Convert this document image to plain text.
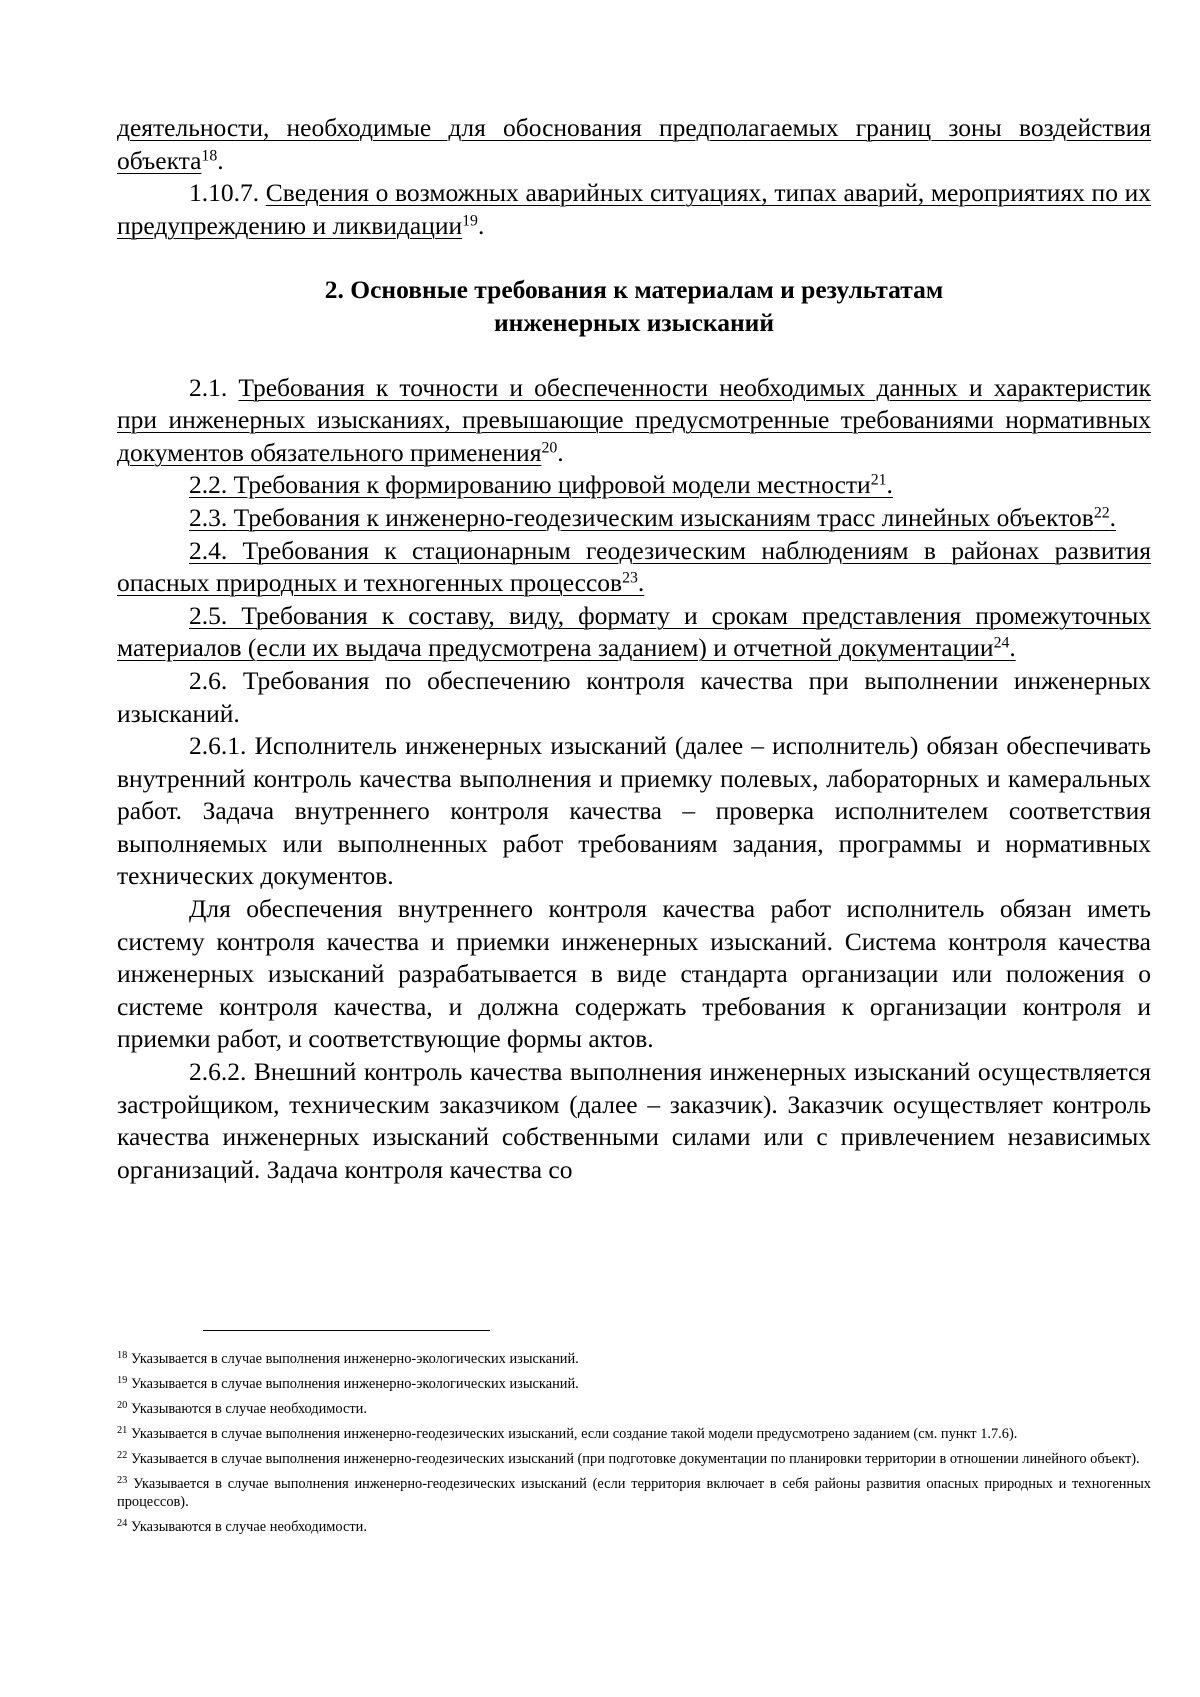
деятельности, необходимые для обоснования предполагаемых границ зоны воздействия объекта$^{18}$.

1.10.7. Сведения о возможных аварийных ситуациях, типах аварий, мероприятиях по их предупреждению и ликвидации$^{19}$.

2. Основные требования к материалам и результатам
инженерных изысканий

2.1. Требования к точности и обеспеченности необходимых данных и характеристик при инженерных изысканиях, превышающие предусмотренные требованиями нормативных документов обязательного применения$^{20}$.

2.2. Требования к формированию цифровой модели местности$^{21}$.

2.3. Требования к инженерно-геодезическим изысканиям трасс линейных объектов$^{22}$.

2.4. Требования к стационарным геодезическим наблюдениям в районах развития опасных природных и техногенных процессов$^{23}$.

2.5. Требования к составу, виду, формату и срокам представления промежуточных материалов (если их выдача предусмотрена заданием) и отчетной документации$^{24}$.

2.6. Требования по обеспечению контроля качества при выполнении инженерных изысканий.

2.6.1. Исполнитель инженерных изысканий (далее – исполнитель) обязан обеспечивать внутренний контроль качества выполнения и приемку полевых, лабораторных и камеральных работ. Задача внутреннего контроля качества – проверка исполнителем соответствия выполняемых или выполненных работ требованиям задания, программы и нормативных технических документов.

Для обеспечения внутреннего контроля качества работ исполнитель обязан иметь систему контроля качества и приемки инженерных изысканий. Система контроля качества инженерных изысканий разрабатывается в виде стандарта организации или положения о системе контроля качества, и должна содержать требования к организации контроля и приемки работ, и соответствующие формы актов.

2.6.2. Внешний контроль качества выполнения инженерных изысканий осуществляется застройщиком, техническим заказчиком (далее – заказчик). Заказчик осуществляет контроль качества инженерных изысканий собственными силами или с привлечением независимых организаций. Задача контроля качества со

$^{18}$ Указывается в случае выполнения инженерно-экологических изысканий.

$^{19}$ Указывается в случае выполнения инженерно-экологических изысканий.

$^{20}$ Указываются в случае необходимости.

$^{21}$ Указывается в случае выполнения инженерно-геодезических изысканий, если создание такой модели предусмотрено заданием (см. пункт 1.7.6).

$^{22}$ Указывается в случае выполнения инженерно-геодезических изысканий (при подготовке документации по планировки территории в отношении линейного объект).

$^{23}$ Указывается в случае выполнения инженерно-геодезических изысканий (если территория включает в себя районы развития опасных природных и техногенных процессов).

$^{24}$ Указываются в случае необходимости.
